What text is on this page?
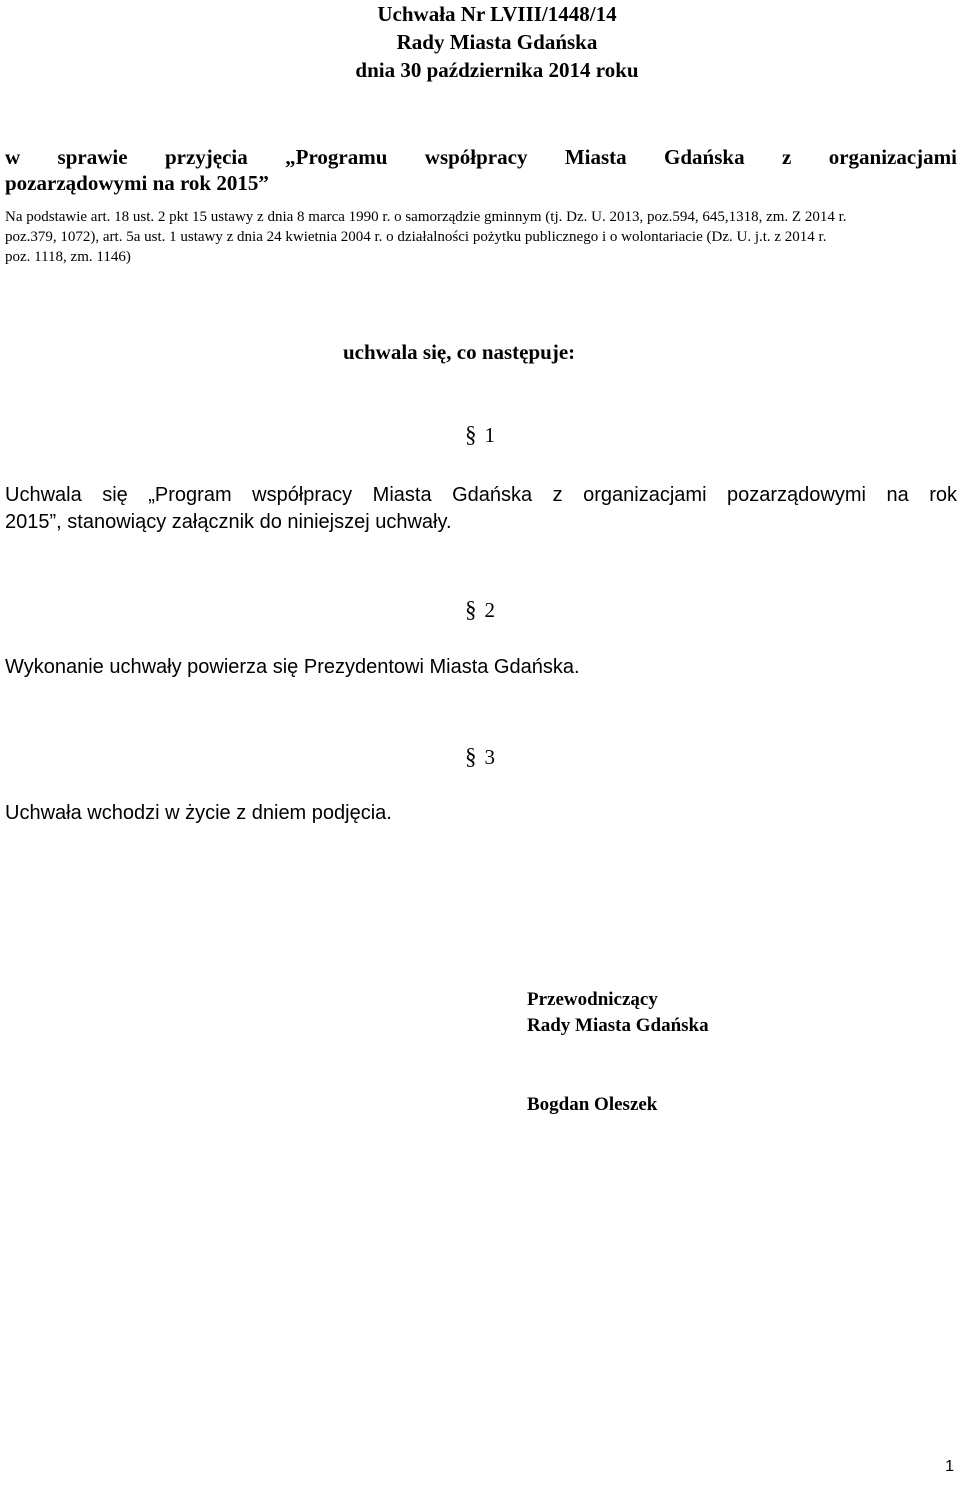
Uchwała Nr LVIII/1448/14
Rady Miasta Gdańska
dnia 30 października 2014 roku
w sprawie przyjęcia „Programu współpracy Miasta Gdańska z organizacjami
pozarządowymi na rok 2015”
Na podstawie art. 18 ust. 2 pkt 15 ustawy z dnia 8 marca 1990 r. o samorządzie gminnym (tj. Dz. U. 2013, poz.594, 645,1318, zm. Z 2014 r.
poz.379, 1072), art. 5a ust. 1 ustawy z dnia 24 kwietnia 2004 r. o działalności pożytku publicznego i o wolontariacie (Dz. U. j.t. z 2014 r.
poz. 1118, zm. 1146)
uchwala się, co następuje:
§ 1
Uchwala się „Program współpracy Miasta Gdańska z organizacjami pozarządowymi na rok
2015”, stanowiący załącznik do niniejszej uchwały.
§ 2
Wykonanie uchwały powierza się Prezydentowi Miasta Gdańska.
§ 3
Uchwała wchodzi w życie z dniem podjęcia.
Przewodniczący
Rady Miasta Gdańska
Bogdan Oleszek
1
